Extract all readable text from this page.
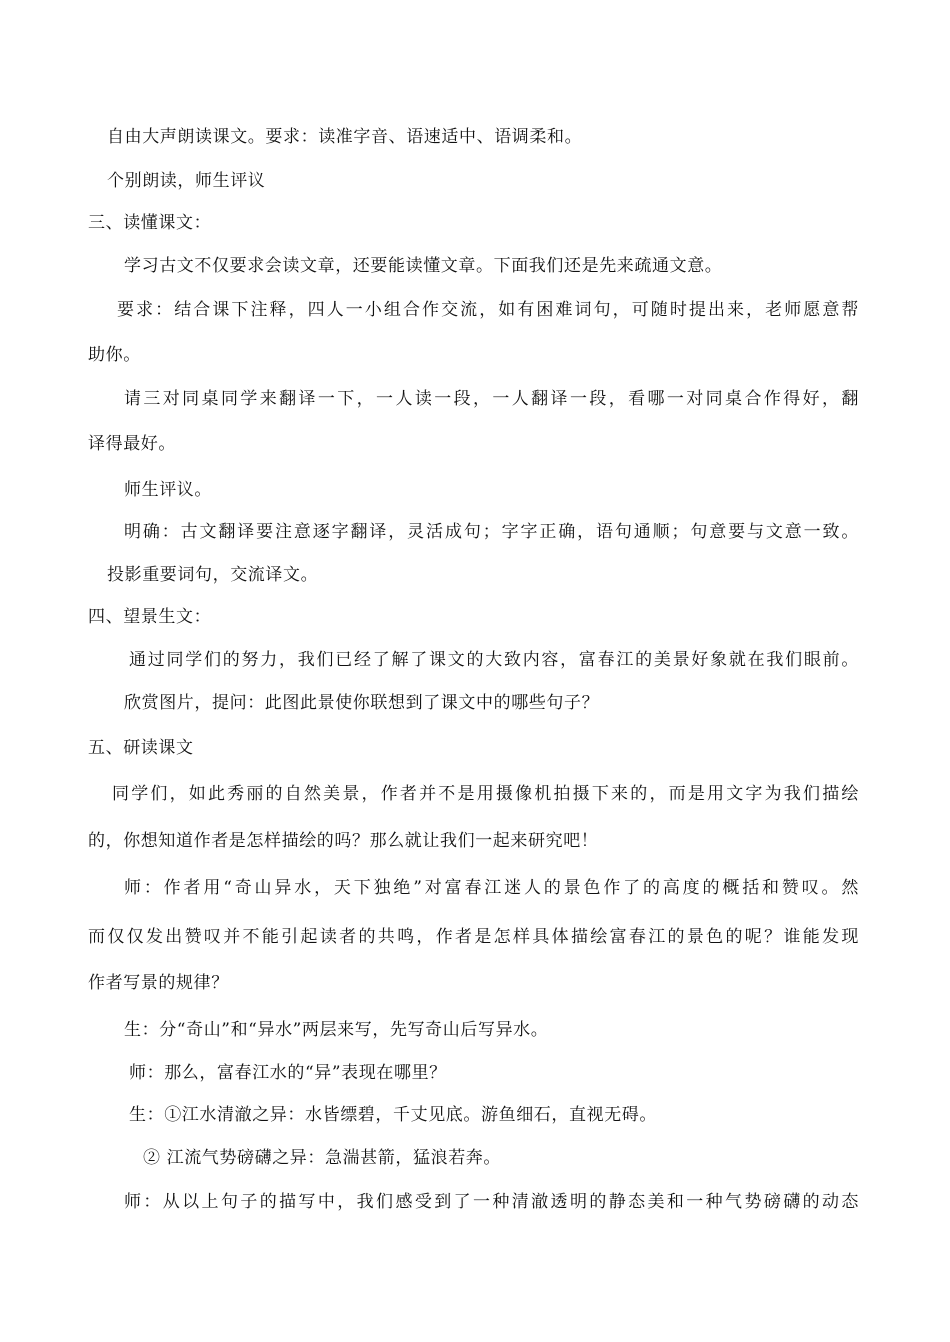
自由大声朗读课文。要求：读准字音、语速适中、语调柔和。
个别朗读，师生评议
三、读懂课文：
学习古文不仅要求会读文章，还要能读懂文章。下面我们还是先来疏通文意。
要求：结合课下注释，四人一小组合作交流，如有困难词句，可随时提出来，老师愿意帮
助你。
请三对同桌同学来翻译一下，一人读一段，一人翻译一段，看哪一对同桌合作得好，翻
译得最好。
师生评议。
明确：古文翻译要注意逐字翻译，灵活成句；字字正确，语句通顺；句意要与文意一致。
投影重要词句，交流译文。
四、望景生文：
通过同学们的努力，我们已经了解了课文的大致内容，富春江的美景好象就在我们眼前。
欣赏图片，提问：此图此景使你联想到了课文中的哪些句子？
五、研读课文
同学们，如此秀丽的自然美景，作者并不是用摄像机拍摄下来的，而是用文字为我们描绘
的，你想知道作者是怎样描绘的吗？那么就让我们一起来研究吧！
师：作者用“奇山异水，天下独绝”对富春江迷人的景色作了的高度的概括和赞叹。然
而仅仅发出赞叹并不能引起读者的共鸣，作者是怎样具体描绘富春江的景色的呢？谁能发现
作者写景的规律？
生：分“奇山”和“异水”两层来写，先写奇山后写异水。
师：那么，富春江水的“异”表现在哪里？
生：①江水清澈之异：水皆缥碧，千丈见底。游鱼细石，直视无碍。
② 江流气势磅礴之异：急湍甚箭，猛浪若奔。
师：从以上句子的描写中，我们感受到了一种清澈透明的静态美和一种气势磅礴的动态
